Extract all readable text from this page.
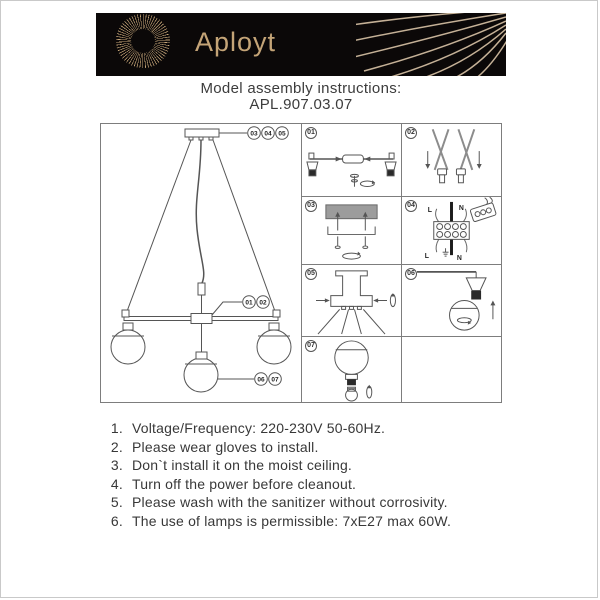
Aployt
Model assembly instructions:
APL.907.03.07
03 04 05
01 02
06 07
01	02
03	04
L	N
L	N
05	06
07
1. Voltage/Frequency: 220-230V 50-60Hz.
2. Please wear gloves to install.
3. Don`t install it on the moist ceiling.
4. Turn off the power before cleanout.
5. Please wash with the sanitizer without corrosivity.
6. The use of lamps is permissible: 7xE27 max 60W.
